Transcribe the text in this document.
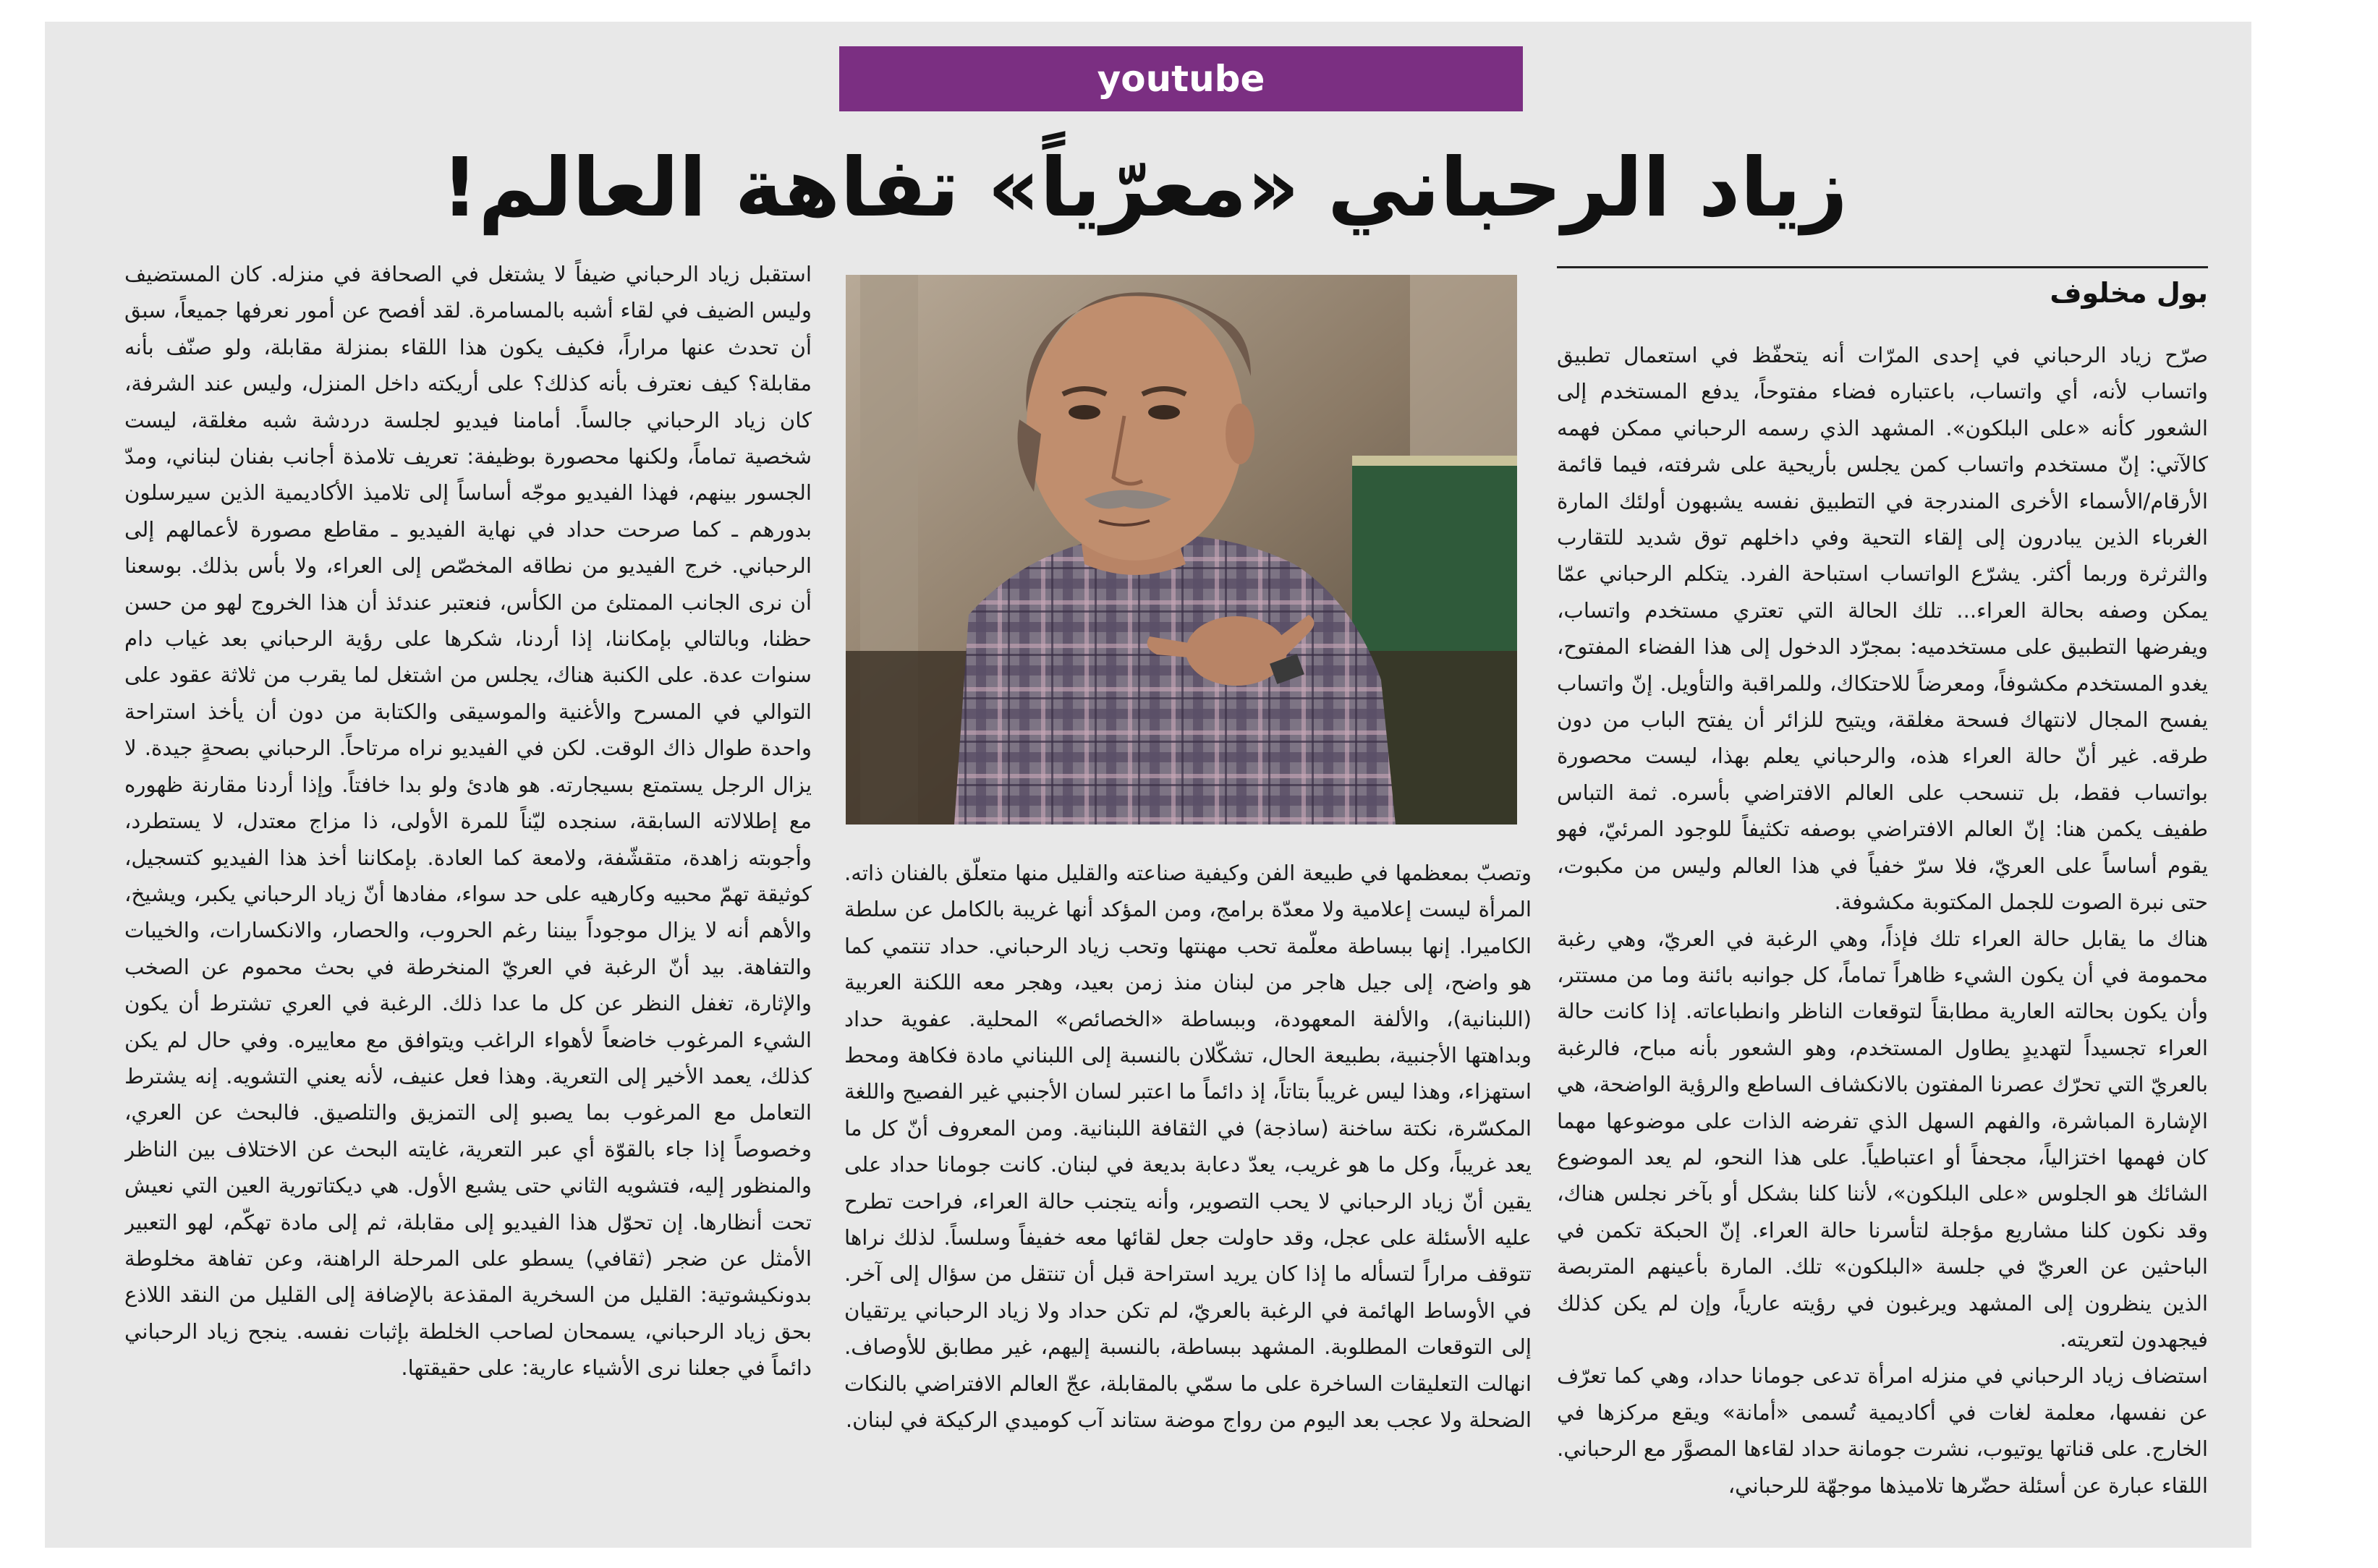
youtube
زياد الرحباني «معرّياً» تفاهة العالم!
بول مخلوف

صرّح زياد الرحباني في إحدى المرّات أنه يتحفّظ في استعمال تطبيق واتساب لأنه، أي واتساب، باعتباره فضاء مفتوحاً، يدفع المستخدم إلى الشعور كأنه «على البلكون». المشهد الذي رسمه الرحباني ممكن فهمه كالآتي: إنّ مستخدم واتساب كمن يجلس بأريحية على شرفته، فيما قائمة الأرقام/الأسماء الأخرى المندرجة في التطبيق نفسه يشبهون أولئك المارة الغرباء الذين يبادرون إلى إلقاء التحية وفي داخلهم توق شديد للتقارب والثرثرة وربما أكثر. يشرّع الواتساب استباحة الفرد. يتكلم الرحباني عمّا يمكن وصفه بحالة العراء... تلك الحالة التي تعتري مستخدم واتساب، ويفرضها التطبيق على مستخدميه: بمجرّد الدخول إلى هذا الفضاء المفتوح، يغدو المستخدم مكشوفاً، ومعرضاً للاحتكاك، وللمراقبة والتأويل. إنّ واتساب يفسح المجال لانتهاك فسحة مغلقة، ويتيح للزائر أن يفتح الباب من دون طرقه. غير أنّ حالة العراء هذه، والرحباني يعلم بهذا، ليست محصورة بواتساب فقط، بل تنسحب على العالم الافتراضي بأسره. ثمة التباس طفيف يكمن هنا: إنّ العالم الافتراضي بوصفه تكثيفاً للوجود المرئيّ، فهو يقوم أساساً على العريّ، فلا سرّ خفياً في هذا العالم وليس من مكبوت، حتى نبرة الصوت للجمل المكتوبة مكشوفة.

هناك ما يقابل حالة العراء تلك فإذاً، وهي الرغبة في العريّ، وهي رغبة محمومة في أن يكون الشيء ظاهراً تماماً، كل جوانبه بائنة وما من مستتر، وأن يكون بحالته العارية مطابقاً لتوقعات الناظر وانطباعاته. إذا كانت حالة العراء تجسيداً لتهديدٍ يطاول المستخدم، وهو الشعور بأنه مباح، فالرغبة بالعريّ التي تحرّك عصرنا المفتون بالانكشاف الساطع والرؤية الواضحة، هي الإشارة المباشرة، والفهم السهل الذي تفرضه الذات على موضوعها مهما كان فهمها اختزالياً، مجحفاً أو اعتباطياً. على هذا النحو، لم يعد الموضوع الشائك هو الجلوس «على البلكون»، لأننا كلنا بشكل أو بآخر نجلس هناك، وقد نكون كلنا مشاريع مؤجلة لتأسرنا حالة العراء. إنّ الحبكة تكمن في الباحثين عن العريّ في جلسة «البلكون» تلك. المارة بأعينهم المتربصة الذين ينظرون إلى المشهد ويرغبون في رؤيته عارياً، وإن لم يكن كذلك فيجهدون لتعريته.

استضاف زياد الرحباني في منزله امرأة تدعى جومانا حداد، وهي كما تعرّف عن نفسها، معلمة لغات في أكاديمية تُسمى «أمانة» ويقع مركزها في الخارج. على قناتها يوتيوب، نشرت جومانة حداد لقاءها المصوَّر مع الرحباني. اللقاء عبارة عن أسئلة حضّرها تلاميذها موجهّة للرحباني،

وتصبّ بمعظمها في طبيعة الفن وكيفية صناعته والقليل منها متعلّق بالفنان ذاته. المرأة ليست إعلامية ولا معدّة برامج، ومن المؤكد أنها غريبة بالكامل عن سلطة الكاميرا. إنها ببساطة معلّمة تحب مهنتها وتحب زياد الرحباني. حداد تنتمي كما هو واضح، إلى جيل هاجر من لبنان منذ زمن بعيد، وهجر معه اللكنة العربية (اللبنانية)، والألفة المعهودة، وببساطة «الخصائص» المحلية. عفوية حداد وبداهتها الأجنبية، بطبيعة الحال، تشكّلان بالنسبة إلى اللبناني مادة فكاهة ومحط استهزاء، وهذا ليس غريباً بتاتاً، إذ دائماً ما اعتبر لسان الأجنبي غير الفصيح واللغة المكسّرة، نكتة ساخنة (ساذجة) في الثقافة اللبنانية. ومن المعروف أنّ كل ما يعد غريباً، وكل ما هو غريب، يعدّ دعابة بديعة في لبنان. كانت جومانا حداد على يقين أنّ زياد الرحباني لا يحب التصوير، وأنه يتجنب حالة العراء، فراحت تطرح عليه الأسئلة على عجل، وقد حاولت جعل لقائها معه خفيفاً وسلساً. لذلك نراها تتوقف مراراً لتسأله ما إذا كان يريد استراحة قبل أن تنتقل من سؤال إلى آخر. في الأوساط الهائمة في الرغبة بالعريّ، لم تكن حداد ولا زياد الرحباني يرتقيان إلى التوقعات المطلوبة. المشهد ببساطة، بالنسبة إليهم، غير مطابق للأوصاف. انهالت التعليقات الساخرة على ما سمّي بالمقابلة، عجّ العالم الافتراضي بالنكات الضحلة ولا عجب بعد اليوم من رواج موضة ستاند آب كوميدي الركيكة في لبنان.

استقبل زياد الرحباني ضيفاً لا يشتغل في الصحافة في منزله. كان المستضيف وليس الضيف في لقاء أشبه بالمسامرة. لقد أفصح عن أمور نعرفها جميعاً، سبق أن تحدث عنها مراراً، فكيف يكون هذا اللقاء بمنزلة مقابلة، ولو صنّف بأنه مقابلة؟ كيف نعترف بأنه كذلك؟ على أريكته داخل المنزل، وليس عند الشرفة، كان زياد الرحباني جالساً. أمامنا فيديو لجلسة دردشة شبه مغلقة، ليست شخصية تماماً، ولكنها محصورة بوظيفة: تعريف تلامذة أجانب بفنان لبناني، ومدّ الجسور بينهم، فهذا الفيديو موجّه أساساً إلى تلاميذ الأكاديمية الذين سيرسلون بدورهم ـ كما صرحت حداد في نهاية الفيديو ـ مقاطع مصورة لأعمالهم إلى الرحباني. خرج الفيديو من نطاقه المخصّص إلى العراء، ولا بأس بذلك. بوسعنا أن نرى الجانب الممتلئ من الكأس، فنعتبر عندئذ أن هذا الخروج لهو من حسن حظنا، وبالتالي بإمكاننا، إذا أردنا، شكرها على رؤية الرحباني بعد غياب دام سنوات عدة. على الكنبة هناك، يجلس من اشتغل لما يقرب من ثلاثة عقود على التوالي في المسرح والأغنية والموسيقى والكتابة من دون أن يأخذ استراحة واحدة طوال ذاك الوقت. لكن في الفيديو نراه مرتاحاً. الرحباني بصحةٍ جيدة. لا يزال الرجل يستمتع بسيجارته. هو هادئ ولو بدا خافتاً. وإذا أردنا مقارنة ظهوره مع إطلالاته السابقة، سنجده ليّناً للمرة الأولى، ذا مزاج معتدل، لا يستطرد، وأجوبته زاهدة، متقشّفة، ولامعة كما العادة. بإمكاننا أخذ هذا الفيديو كتسجيل، كوثيقة تهمّ محبيه وكارهيه على حد سواء، مفادها أنّ زياد الرحباني يكبر، ويشيخ، والأهم أنه لا يزال موجوداً بيننا رغم الحروب، والحصار، والانكسارات، والخيبات والتفاهة. بيد أنّ الرغبة في العريّ المنخرطة في بحث محموم عن الصخب والإثارة، تغفل النظر عن كل ما عدا ذلك. الرغبة في العري تشترط أن يكون الشيء المرغوب خاضعاً لأهواء الراغب ويتوافق مع معاييره. وفي حال لم يكن كذلك، يعمد الأخير إلى التعرية. وهذا فعل عنيف، لأنه يعني التشويه. إنه يشترط التعامل مع المرغوب بما يصبو إلى التمزيق والتلصيق. فالبحث عن العري، وخصوصاً إذا جاء بالقوّة أي عبر التعرية، غايته البحث عن الاختلاف بين الناظر والمنظور إليه، فتشويه الثاني حتى يشبع الأول. هي ديكتاتورية العين التي نعيش تحت أنظارها. إن تحوّل هذا الفيديو إلى مقابلة، ثم إلى مادة تهكّم، لهو التعبير الأمثل عن ضجر (ثقافي) يسطو على المرحلة الراهنة، وعن تفاهة مخلوطة بدونكيشوتية: القليل من السخرية المقذعة بالإضافة إلى القليل من النقد اللاذع بحق زياد الرحباني، يسمحان لصاحب الخلطة بإثبات نفسه. ينجح زياد الرحباني دائماً في جعلنا نرى الأشياء عارية: على حقيقتها.
